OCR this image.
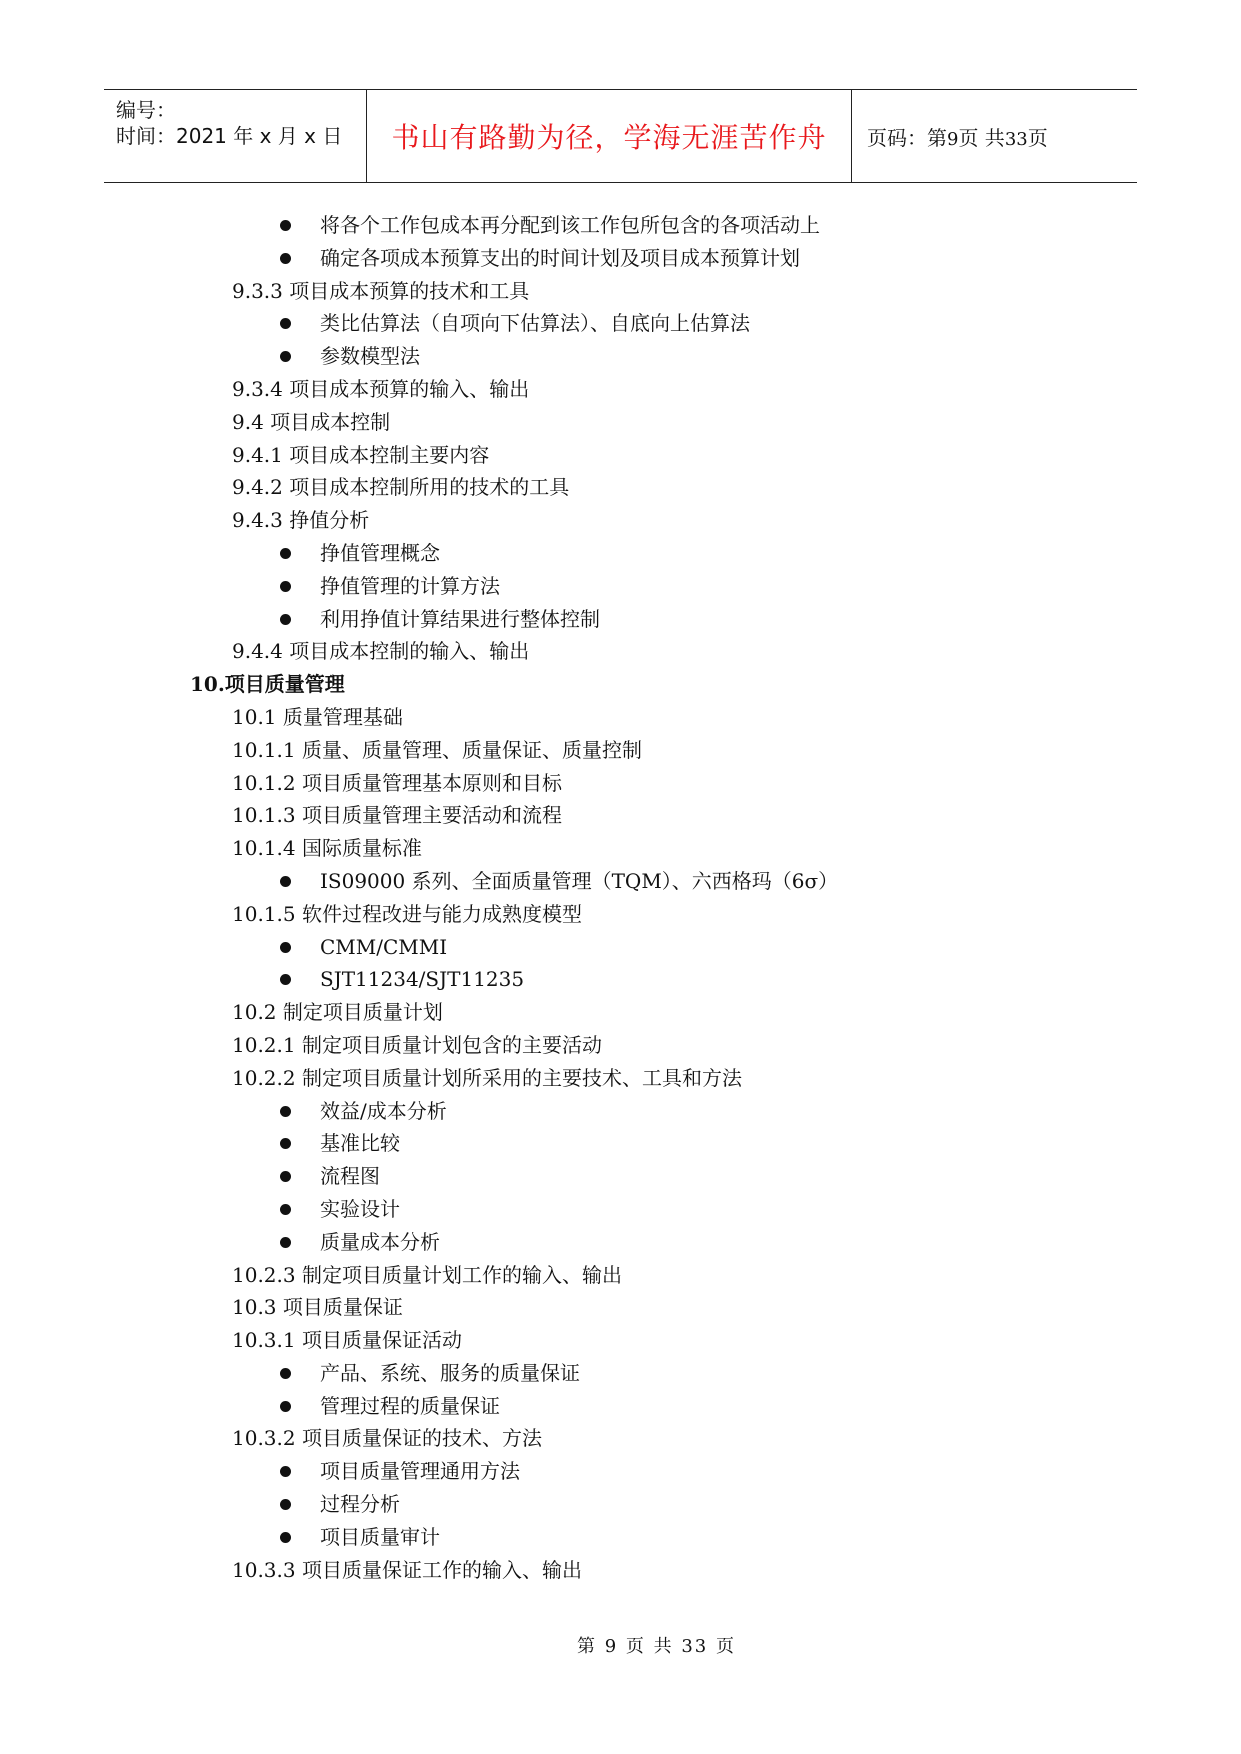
编号：
时间：2021 年 x 月 x 日 书山有路勤为径，学海无涯苦作舟 页码：第9页 共33页
将各个工作包成本再分配到该工作包所包含的各项活动上
确定各项成本预算支出的时间计划及项目成本预算计划
9.3.3 项目成本预算的技术和工具
类比估算法（自项向下估算法）、自底向上估算法
参数模型法
9.3.4 项目成本预算的输入、输出
9.4 项目成本控制
9.4.1 项目成本控制主要内容
9.4.2 项目成本控制所用的技术的工具
9.4.3 挣值分析
挣值管理概念
挣值管理的计算方法
利用挣值计算结果进行整体控制
9.4.4 项目成本控制的输入、输出
10.项目质量管理
10.1 质量管理基础
10.1.1 质量、质量管理、质量保证、质量控制
10.1.2 项目质量管理基本原则和目标
10.1.3 项目质量管理主要活动和流程
10.1.4 国际质量标准
IS09000 系列、全面质量管理（TQM）、六西格玛（6σ）
10.1.5 软件过程改进与能力成熟度模型
CMM/CMMI
SJT11234/SJT11235
10.2 制定项目质量计划
10.2.1 制定项目质量计划包含的主要活动
10.2.2 制定项目质量计划所采用的主要技术、工具和方法
效益/成本分析
基准比较
流程图
实验设计
质量成本分析
10.2.3 制定项目质量计划工作的输入、输出
10.3 项目质量保证
10.3.1 项目质量保证活动
产品、系统、服务的质量保证
管理过程的质量保证
10.3.2 项目质量保证的技术、方法
项目质量管理通用方法
过程分析
项目质量审计
10.3.3 项目质量保证工作的输入、输出
第 9 页 共 33 页
